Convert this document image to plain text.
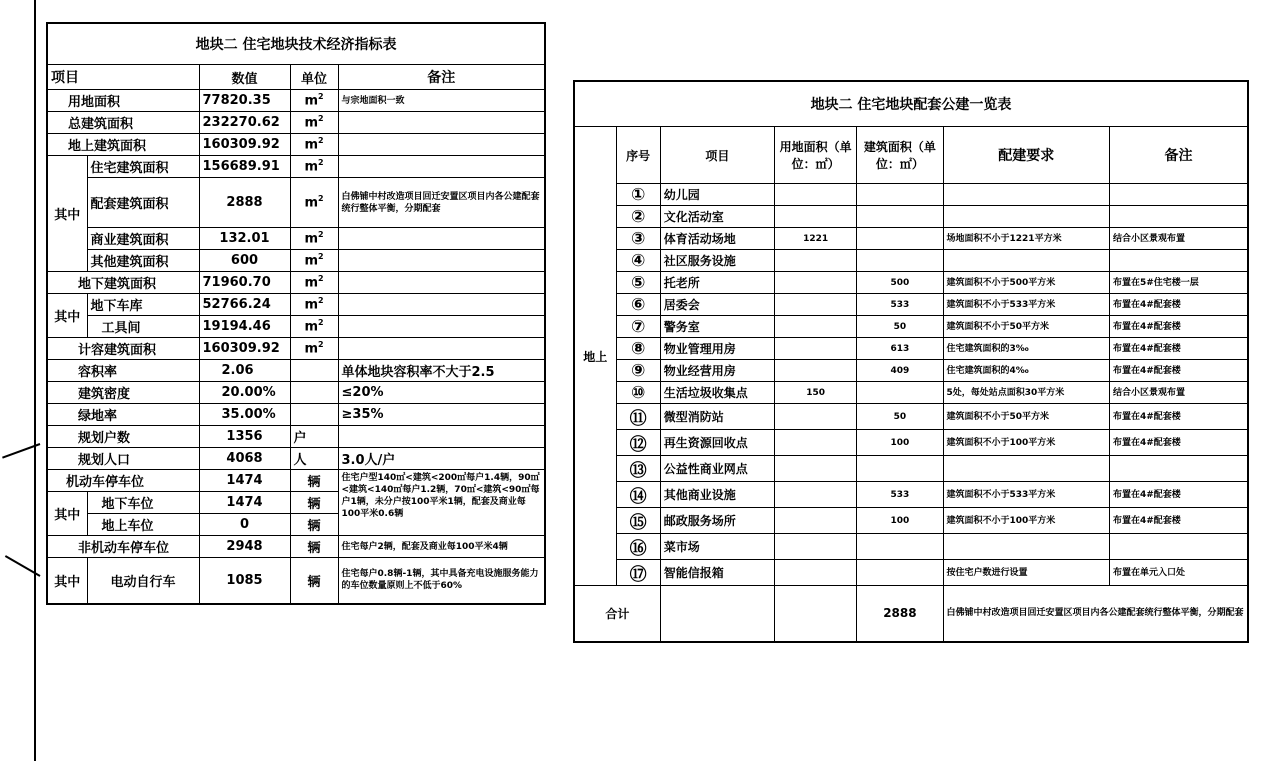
地块二 住宅地块技术经济指标表				
项目		数值	单位	备注
用地面积		77820.35	m 2	与宗地面积一致
总建筑面积		232270.62	m 2	
地上建筑面积		160309.92	m 2	
其中	住宅建筑面积	156689.91	m 2	
	配套建筑面积	2888	m 2	白佛铺中村改造项目回迁安置区项目内各公建配套统行整体平衡，分期配套
	商业建筑面积	132.01	m 2	
	其他建筑面积	600	m 2	
地下建筑面积		71960.70	m 2	
其中	地下车库	52766.24	m 2	
	工具间	19194.46	m 2	
计容建筑面积		160309.92	m 2	
容积率		2.06		单体地块容积率不大于2.5
建筑密度		20.00%		≤20%
绿地率		35.00%		≥35%
规划户数		1356	户	
规划人口		4068	人	3.0人/户
机动车停车位		1474	辆	住宅户型140㎡<建筑<200㎡每户1.4辆，90㎡<建筑<140㎡每户1.2辆，70㎡<建筑<90㎡每户1辆，未分户按100平米1辆，配套及商业每100平米0.6辆
其中	地下车位	1474	辆	
	地上车位	0	辆	
非机动车停车位		2948	辆	住宅每户2辆，配套及商业每100平米4辆
其中	电动自行车	1085	辆	住宅每户0.8辆-1辆，其中具备充电设施服务能力的车位数量原则上不低于60%
地块二 住宅地块配套公建一览表						
地上	序号	项目	用地面积（单位：㎡）	建筑面积（单位：㎡）	配建要求	备注
	①	幼儿园				
	②	文化活动室				
	③	体育活动场地	1221		场地面积不小于1221平方米	结合小区景观布置
	④	社区服务设施				
	⑤	托老所		500	建筑面积不小于500平方米	布置在5#住宅楼一层
	⑥	居委会		533	建筑面积不小于533平方米	布置在4#配套楼
	⑦	警务室		50	建筑面积不小于50平方米	布置在4#配套楼
	⑧	物业管理用房		613	住宅建筑面积的3‰	布置在4#配套楼
	⑨	物业经营用房		409	住宅建筑面积的4‰	布置在4#配套楼
	⑩	生活垃圾收集点	150		5处，每处站点面积30平方米	结合小区景观布置
	⑪	微型消防站		50	建筑面积不小于50平方米	布置在4#配套楼
	⑫	再生资源回收点		100	建筑面积不小于100平方米	布置在4#配套楼
	⑬	公益性商业网点				
	⑭	其他商业设施		533	建筑面积不小于533平方米	布置在4#配套楼
	⑮	邮政服务场所		100	建筑面积不小于100平方米	布置在4#配套楼
	⑯	菜市场				
	⑰	智能信报箱			按住宅户数进行设置	布置在单元入口处
合计				2888	白佛铺中村改造项目回迁安置区项目内各公建配套统行整体平衡，分期配套	
